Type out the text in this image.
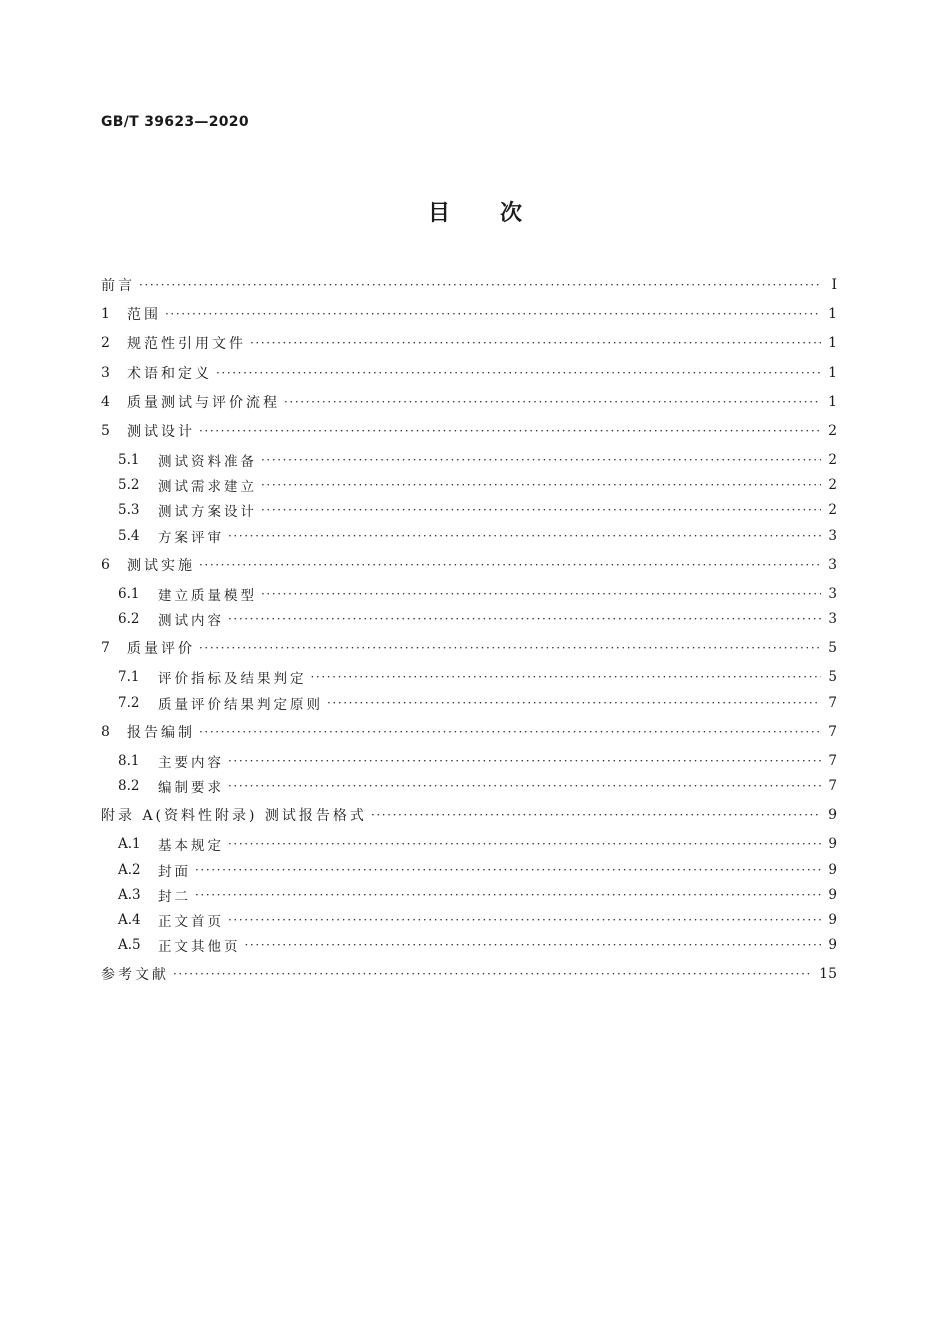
GB/T 39623—2020
目次
前言 ·····	Ⅰ
1	范围 ·····	1
2	规范性引用文件 ·····	1
3	术语和定义 ·····	1
4	质量测试与评价流程 ·····	1
5	测试设计 ·····	2
5.1	测试资料准备 ·····	2
5.2	测试需求建立 ·····	2
5.3	测试方案设计 ·····	2
5.4	方案评审 ·····	3
6	测试实施 ·····	3
6.1	建立质量模型 ·····	3
6.2	测试内容 ·····	3
7	质量评价 ·····	5
7.1	评价指标及结果判定 ·····	5
7.2	质量评价结果判定原则 ·····	7
8	报告编制 ·····	7
8.1	主要内容 ·····	7
8.2	编制要求 ·····	7
附录 A(资料性附录) 测试报告格式 ·····	9
A.1	基本规定 ·····	9
A.2	封面 ·····	9
A.3	封二 ·····	9
A.4	正文首页 ·····	9
A.5	正文其他页 ·····	9
参考文献 ·····	15
